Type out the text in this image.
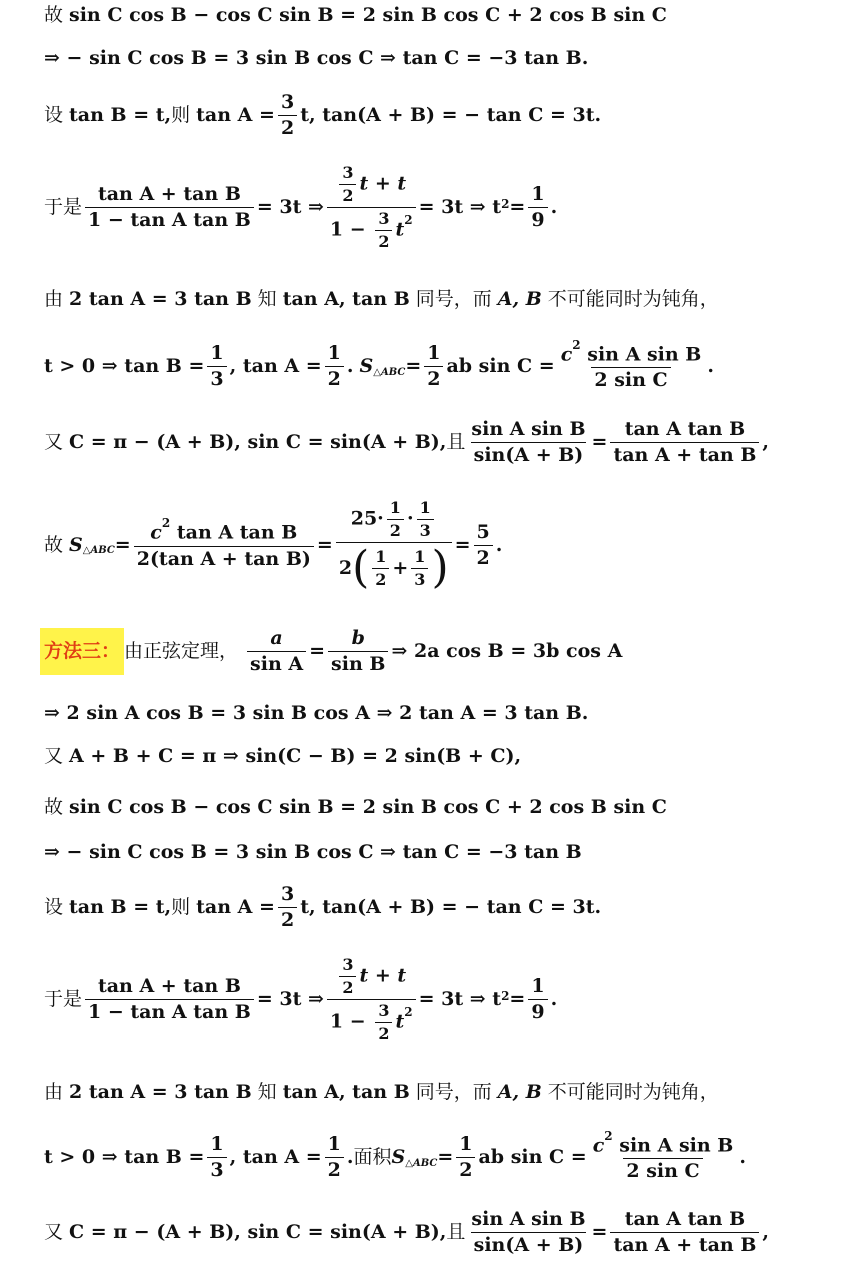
故 sin C cos B − cos C sin B = 2 sin B cos C + 2 cos B sin C
⇒ − sin C cos B = 3 sin B cos C ⇒ tan C = −3 tan B.
设 tan B = t, 则 $\tan A = \frac{3}{2} t$, tan(A + B) = − tan C = 3t.
于是 $\frac{\text{tan A + tan B}}{\text{1 − tan A tan B}} = 3t$ ⇒ $\frac{\frac{3}{2} t + t}{1 - \frac{3}{2} t^2} = 3t$ ⇒ t $2 = \frac{1}{9}$ .
由 2 tan A = 3 tan B 知 tan A, tan B 同号，而 A, B 不可能同时为钝角，
t > 0 ⇒ $\tan B = \frac{1}{3}$ , $\tan A = \frac{1}{2}$ . S △ABC = $\frac{1}{2}$ ab $\sin C = \frac{c^2 \sin A \sin B}{\text{2 sin C}}$ .
又 C = π − (A + B), sin C = sin(A + B), 且 $\frac{\text{sin A sin B}}{\sin(A + B)} = \frac{\text{tan A tan B}}{\text{tan A + tan B}}$ ,
故 S △ABC = $\frac{c^2 \tan A \tan B}{\text{2(tan A + tan B)}} = \frac{25\cdot \frac{1}{2} \cdot \frac{1}{3}}{2 ( \frac{1}{2} + \frac{1}{3} )} = \frac{5}{2}$ .
方法三： 由正弦定理， $\frac{a}{\text{sin A}} = \frac{b}{\text{sin B}}$ ⇒ 2a cos B = 3b cos A
⇒ 2 sin A cos B = 3 sin B cos A ⇒ 2 tan A = 3 tan B.
又 A + B + C = π ⇒ sin(C − B) = 2 sin(B + C),
故 sin C cos B − cos C sin B = 2 sin B cos C + 2 cos B sin C
⇒ − sin C cos B = 3 sin B cos C ⇒ tan C = −3 tan B
设 tan B = t, 则 $\tan A = \frac{3}{2} t$, tan(A + B) = − tan C = 3t.
于是 $\frac{\text{tan A + tan B}}{\text{1 − tan A tan B}} = 3t$ ⇒ $\frac{\frac{3}{2} t + t}{1 - \frac{3}{2} t^2} = 3t$ ⇒ t $2 = \frac{1}{9}$ .
由 2 tan A = 3 tan B 知 tan A, tan B 同号，而 A, B 不可能同时为钝角，
t > 0 ⇒ $\tan B = \frac{1}{3}$ , $\tan A = \frac{1}{2}$ . 面积 S △ABC = $\frac{1}{2}$ ab $\sin C = \frac{c^2 \sin A \sin B}{\text{2 sin C}}$ .
又 C = π − (A + B), sin C = sin(A + B), 且 $\frac{\text{sin A sin B}}{\sin(A + B)} = \frac{\text{tan A tan B}}{\text{tan A + tan B}}$ ,
